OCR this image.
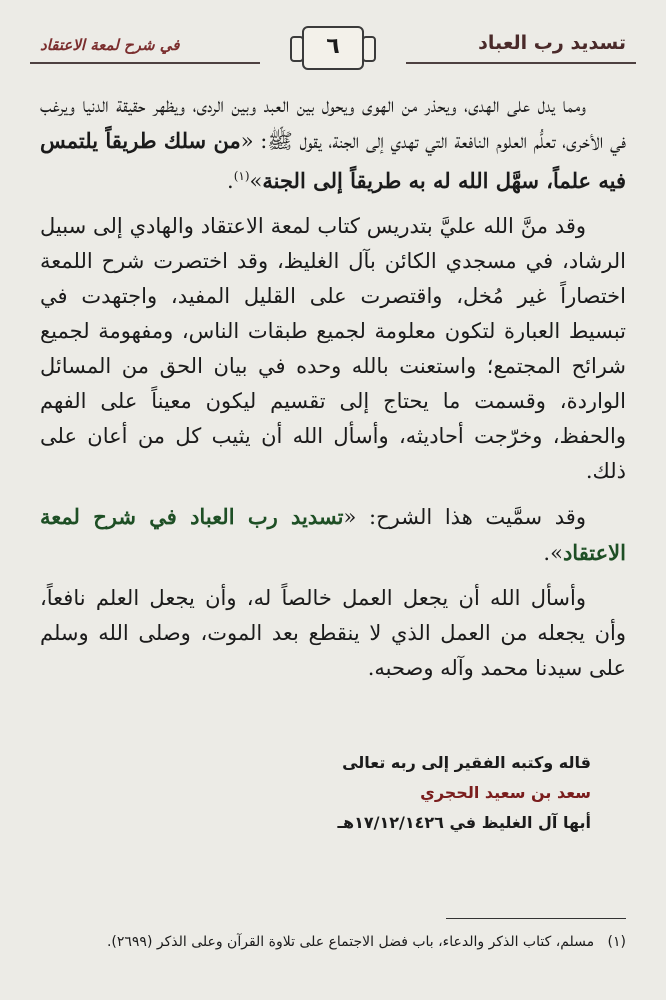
تسديد رب العباد
٦
في شرح لمعة الاعتقاد

ومما يدل على الهدى، ويحذر من الهوى ويحول بين العبد وبين الردى، ويظهر حقيقة الدنيا ويرغب في الأخرى، تعلُّم العلوم النافعة التي تهدي إلى الجنة، يقول ﷺ: «من سلك طريقاً يلتمس فيه علماً، سهَّل الله له به طريقاً إلى الجنة»$^{(١)}$.

وقد منَّ الله عليَّ بتدريس كتاب لمعة الاعتقاد والهادي إلى سبيل الرشاد، في مسجدي الكائن بآل الغليظ، وقد اختصرت شرح اللمعة اختصاراً غير مُخل، واقتصرت على القليل المفيد، واجتهدت في تبسيط العبارة لتكون معلومة لجميع طبقات الناس، ومفهومة لجميع شرائح المجتمع؛ واستعنت بالله وحده في بيان الحق من المسائل الواردة، وقسمت ما يحتاج إلى تقسيم ليكون معيناً على الفهم والحفظ، وخرّجت أحاديثه، وأسأل الله أن يثيب كل من أعان على ذلك.

وقد سمَّيت هذا الشرح: «تسديد رب العباد في شرح لمعة الاعتقاد».

وأسأل الله أن يجعل العمل خالصاً له، وأن يجعل العلم نافعاً، وأن يجعله من العمل الذي لا ينقطع بعد الموت، وصلى الله وسلم على سيدنا محمد وآله وصحبه.

قاله وكتبه الفقير إلى ربه تعالى
سعد بن سعيد الحجري
أبها آل الغليظ في ١٧/١٢/١٤٢٦هـ
(١)   مسلم، كتاب الذكر والدعاء، باب فضل الاجتماع على تلاوة القرآن وعلى الذكر (٢٦٩٩).
